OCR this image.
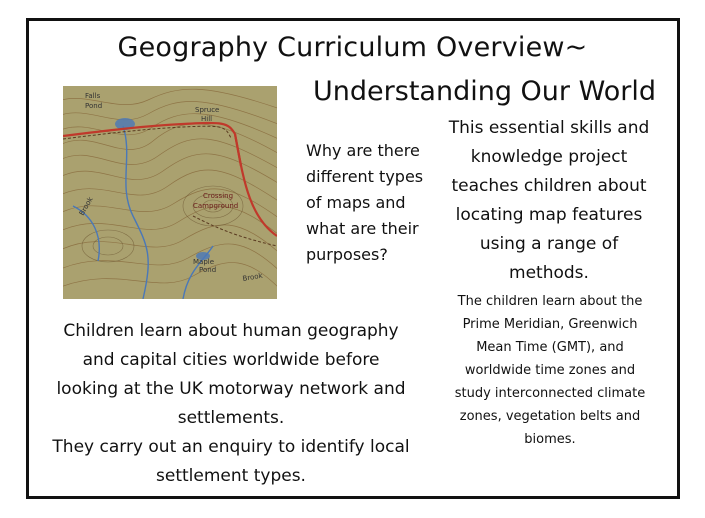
Geography Curriculum Overview~
Understanding Our World
Falls
Pond	Spruce
Hill
Brook	Crossing
Campground
Maple
Pond
Brook
Why are there different types of maps and what are their purposes?
This essential skills and knowledge project teaches children about locating map features using a range of methods.
The children learn about the Prime Meridian, Greenwich Mean Time (GMT), and worldwide time zones and study interconnected climate zones, vegetation belts and biomes.
Children learn about human geography and capital cities worldwide before looking at the UK motorway network and settlements.
They carry out an enquiry to identify local settlement types.
